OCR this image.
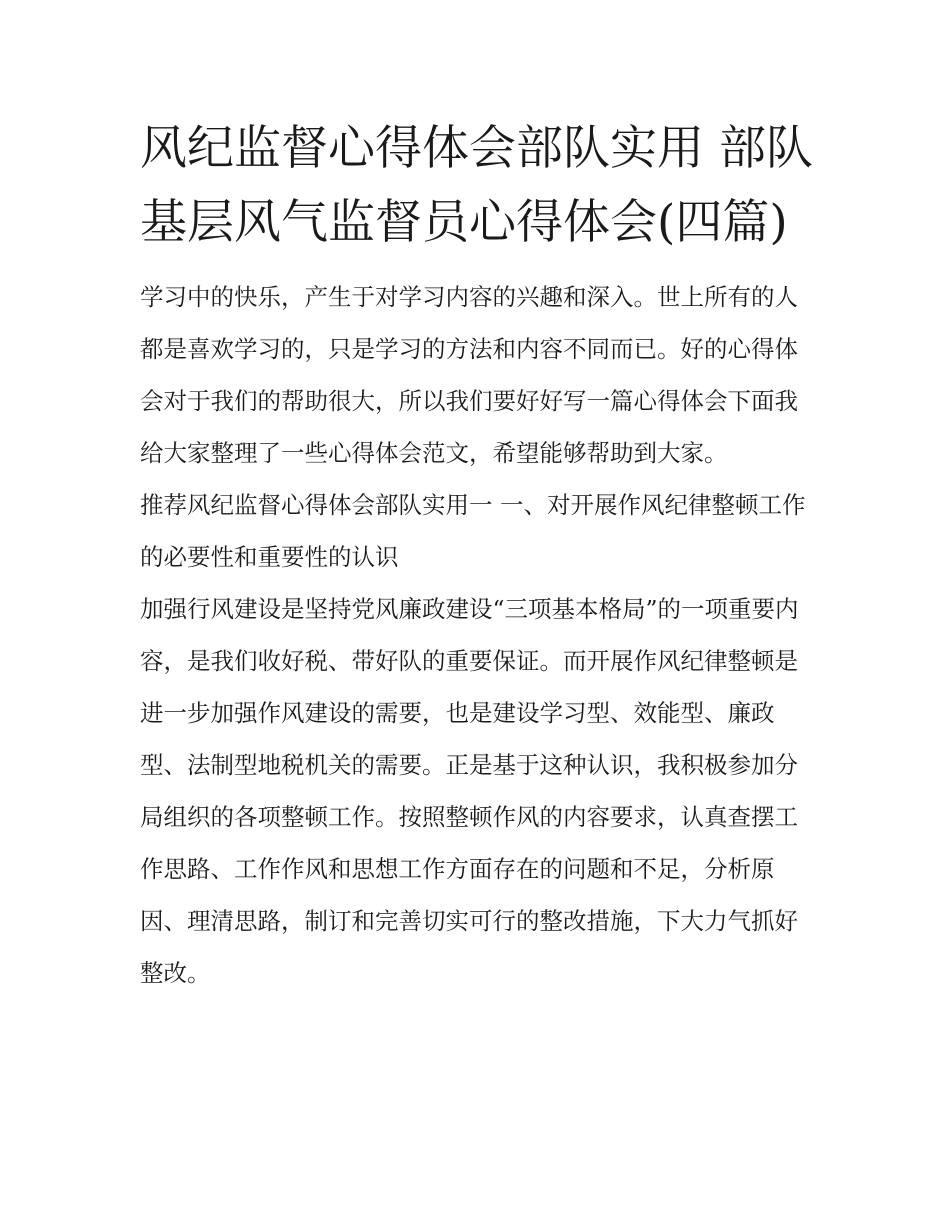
风纪监督心得体会部队实用 部队基层风气监督员心得体会(四篇)

学习中的快乐，产生于对学习内容的兴趣和深入。世上所有的人都是喜欢学习的，只是学习的方法和内容不同而已。好的心得体会对于我们的帮助很大，所以我们要好好写一篇心得体会下面我给大家整理了一些心得体会范文，希望能够帮助到大家。

推荐风纪监督心得体会部队实用一 一、对开展作风纪律整顿工作的必要性和重要性的认识

加强行风建设是坚持党风廉政建设“三项基本格局”的一项重要内容，是我们收好税、带好队的重要保证。而开展作风纪律整顿是进一步加强作风建设的需要，也是建设学习型、效能型、廉政型、法制型地税机关的需要。正是基于这种认识，我积极参加分局组织的各项整顿工作。按照整顿作风的内容要求，认真查摆工作思路、工作作风和思想工作方面存在的问题和不足，分析原因、理清思路，制订和完善切实可行的整改措施，下大力气抓好整改。
